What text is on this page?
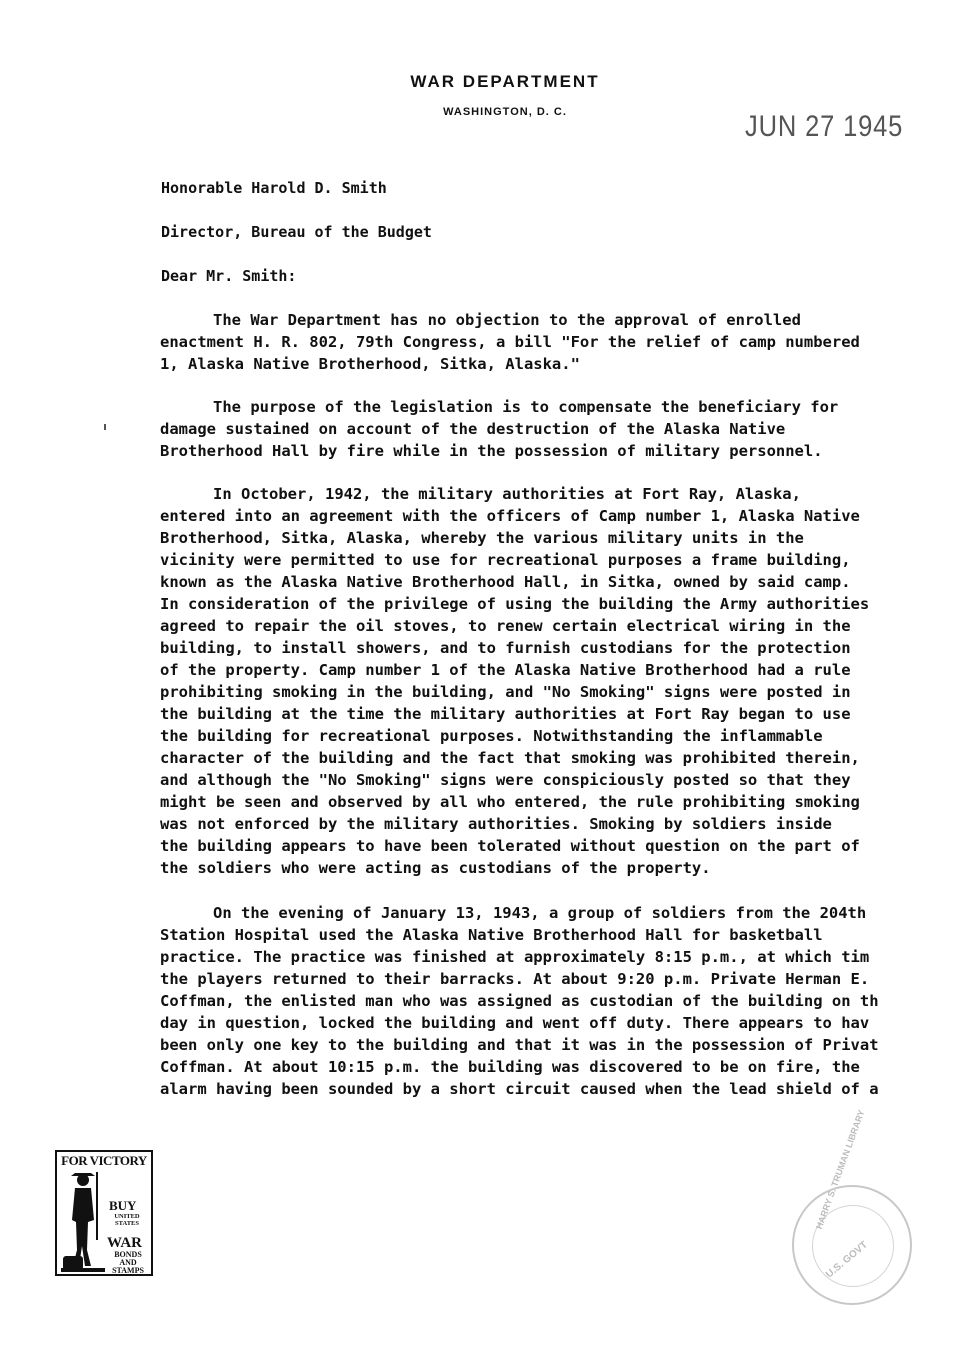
WAR DEPARTMENT
WASHINGTON, D. C.	JUN 27 1945
Honorable Harold D. Smith
Director, Bureau of the Budget
Dear Mr. Smith:
The War Department has no objection to the approval of enrolled
enactment H. R. 802, 79th Congress, a bill "For the relief of camp numbered
1, Alaska Native Brotherhood, Sitka, Alaska."
The purpose of the legislation is to compensate the beneficiary for
damage sustained on account of the destruction of the Alaska Native
Brotherhood Hall by fire while in the possession of military personnel.
In October, 1942, the military authorities at Fort Ray, Alaska,
entered into an agreement with the officers of Camp number 1, Alaska Native
Brotherhood, Sitka, Alaska, whereby the various military units in the
vicinity were permitted to use for recreational purposes a frame building,
known as the Alaska Native Brotherhood Hall, in Sitka, owned by said camp.
In consideration of the privilege of using the building the Army authorities
agreed to repair the oil stoves, to renew certain electrical wiring in the
building, to install showers, and to furnish custodians for the protection
of the property. Camp number 1 of the Alaska Native Brotherhood had a rule
prohibiting smoking in the building, and "No Smoking" signs were posted in
the building at the time the military authorities at Fort Ray began to use
the building for recreational purposes. Notwithstanding the inflammable
character of the building and the fact that smoking was prohibited therein,
and although the "No Smoking" signs were conspiciously posted so that they
might be seen and observed by all who entered, the rule prohibiting smoking
was not enforced by the military authorities. Smoking by soldiers inside
the building appears to have been tolerated without question on the part of
the soldiers who were acting as custodians of the property.
On the evening of January 13, 1943, a group of soldiers from the 204th
Station Hospital used the Alaska Native Brotherhood Hall for basketball
practice. The practice was finished at approximately 8:15 p.m., at which tim
the players returned to their barracks. At about 9:20 p.m. Private Herman E.
Coffman, the enlisted man who was assigned as custodian of the building on th
day in question, locked the building and went off duty. There appears to hav
been only one key to the building and that it was in the possession of Privat
Coffman. At about 10:15 p.m. the building was discovered to be on fire, the
alarm having been sounded by a short circuit caused when the lead shield of a
FOR VICTORY
BUY
UNITED STATES
WAR
BONDS AND STAMPS
HARRY S. TRUMAN LIBRARY
U.S. GOVT
